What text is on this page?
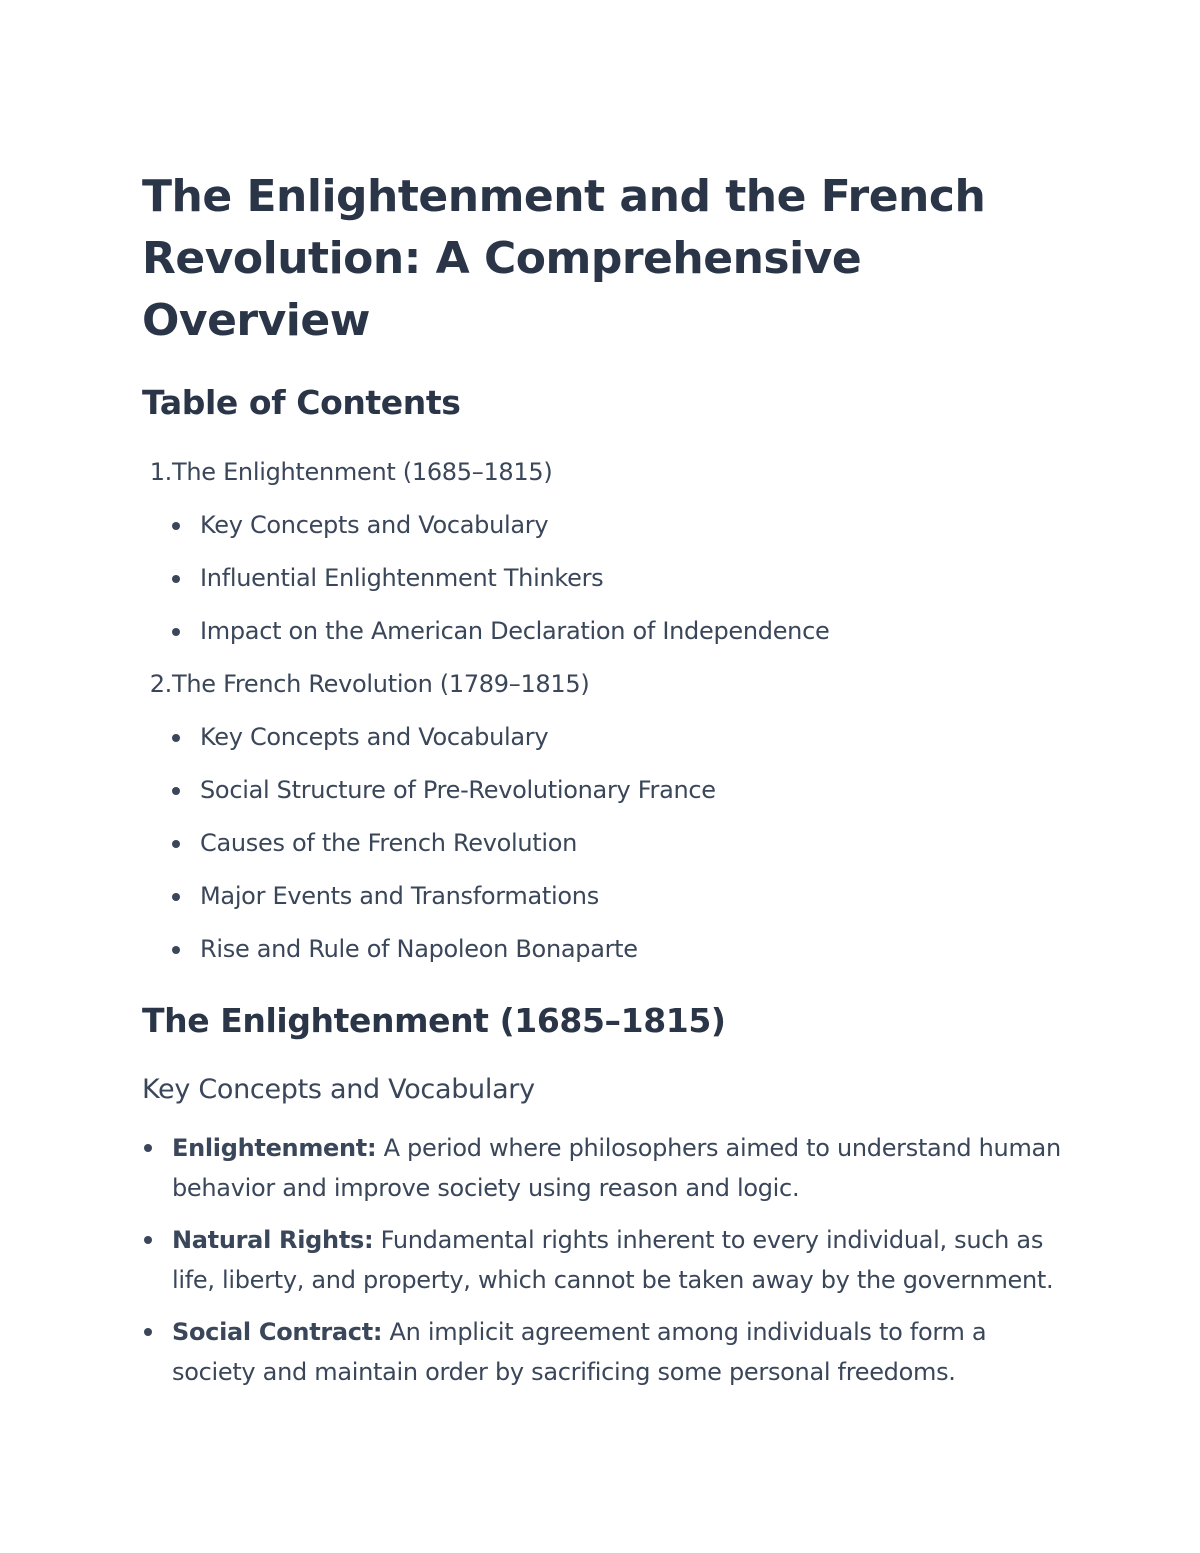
The Enlightenment and the French Revolution: A Comprehensive Overview
Table of Contents
1. The Enlightenment (1685–1815)
Key Concepts and Vocabulary
Influential Enlightenment Thinkers
Impact on the American Declaration of Independence
2. The French Revolution (1789–1815)
Key Concepts and Vocabulary
Social Structure of Pre-Revolutionary France
Causes of the French Revolution
Major Events and Transformations
Rise and Rule of Napoleon Bonaparte
The Enlightenment (1685–1815)
Key Concepts and Vocabulary
Enlightenment: A period where philosophers aimed to understand human behavior and improve society using reason and logic.
Natural Rights: Fundamental rights inherent to every individual, such as life, liberty, and property, which cannot be taken away by the government.
Social Contract: An implicit agreement among individuals to form a society and maintain order by sacrificing some personal freedoms.
